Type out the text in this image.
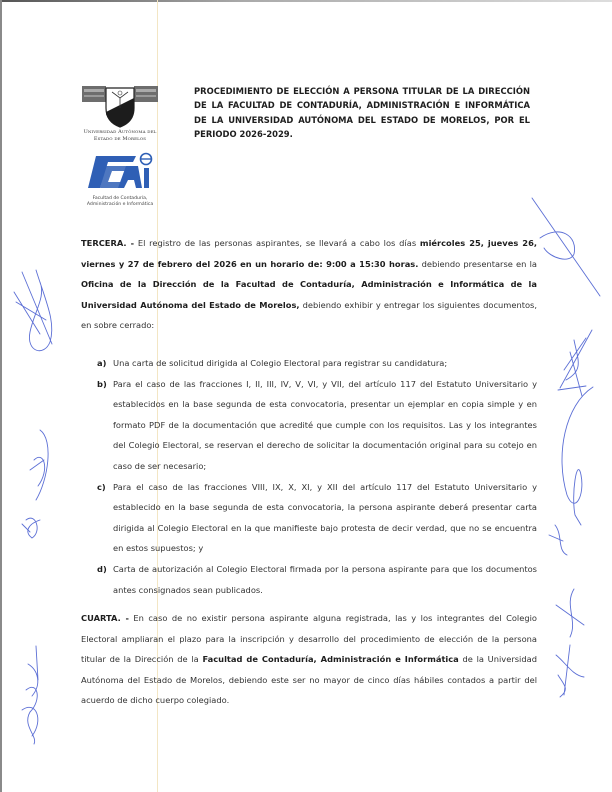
Universidad Autónoma del
Estado de Morelos
Facultad de Contaduría,
Administración e Informática
PROCEDIMIENTO DE ELECCIÓN A PERSONA TITULAR DE LA DIRECCIÓN DE LA FACULTAD DE CONTADURÍA, ADMINISTRACIÓN E INFORMÁTICA DE LA UNIVERSIDAD AUTÓNOMA DEL ESTADO DE MORELOS, POR EL PERIODO 2026-2029.
TERCERA. - El registro de las personas aspirantes, se llevará a cabo los días miércoles 25, jueves 26, viernes y 27 de febrero del 2026 en un horario de: 9:00 a 15:30 horas. debiendo presentarse en la Oficina de la Dirección de la Facultad de Contaduría, Administración e Informática de la Universidad Autónoma del Estado de Morelos, debiendo exhibir y entregar los siguientes documentos, en sobre cerrado:
a) Una carta de solicitud dirigida al Colegio Electoral para registrar su candidatura;
b) Para el caso de las fracciones I, II, III, IV, V, VI, y VII, del artículo 117 del Estatuto Universitario y establecidos en la base segunda de esta convocatoria, presentar un ejemplar en copia simple y en formato PDF de la documentación que acredité que cumple con los requisitos. Las y los integrantes del Colegio Electoral, se reservan el derecho de solicitar la documentación original para su cotejo en caso de ser necesario;
c) Para el caso de las fracciones VIII, IX, X, XI, y XII del artículo 117 del Estatuto Universitario y establecido en la base segunda de esta convocatoria, la persona aspirante deberá presentar carta dirigida al Colegio Electoral en la que manifieste bajo protesta de decir verdad, que no se encuentra en estos supuestos; y
d) Carta de autorización al Colegio Electoral firmada por la persona aspirante para que los documentos antes consignados sean publicados.
CUARTA. - En caso de no existir persona aspirante alguna registrada, las y los integrantes del Colegio Electoral ampliaran el plazo para la inscripción y desarrollo del procedimiento de elección de la persona titular de la Dirección de la Facultad de Contaduría, Administración e Informática de la Universidad Autónoma del Estado de Morelos, debiendo este ser no mayor de cinco días hábiles contados a partir del acuerdo de dicho cuerpo colegiado.
